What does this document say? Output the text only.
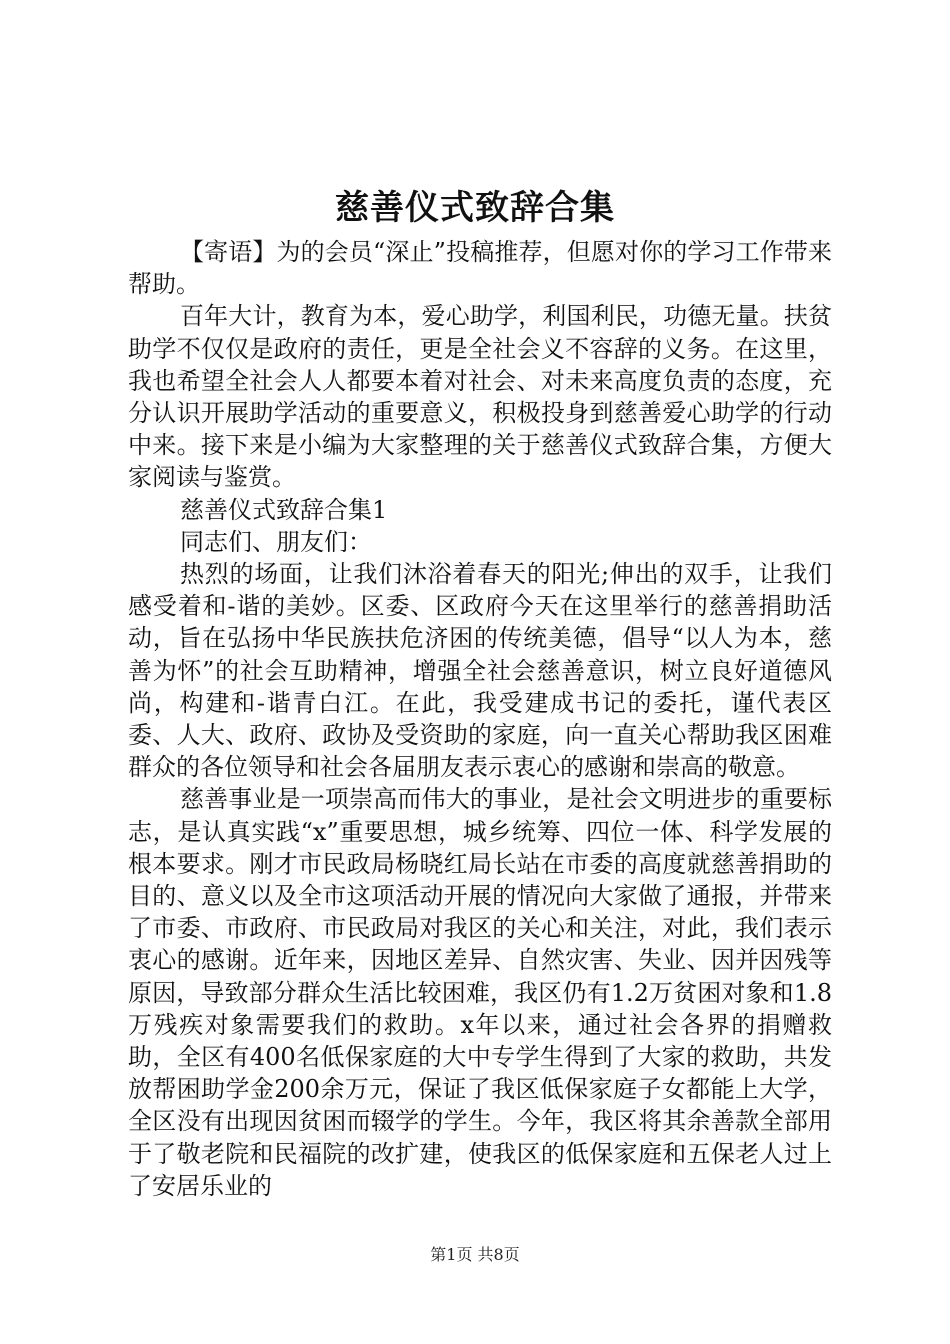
慈善仪式致辞合集

【寄语】为的会员“深止”投稿推荐，但愿对你的学习工作带来帮助。

百年大计，教育为本，爱心助学，利国利民，功德无量。扶贫助学不仅仅是政府的责任，更是全社会义不容辞的义务。在这里，我也希望全社会人人都要本着对社会、对未来高度负责的态度，充分认识开展助学活动的重要意义，积极投身到慈善爱心助学的行动中来。接下来是小编为大家整理的关于慈善仪式致辞合集，方便大家阅读与鉴赏。

慈善仪式致辞合集1

同志们、朋友们：

热烈的场面，让我们沐浴着春天的阳光;伸出的双手，让我们感受着和-谐的美妙。区委、区政府今天在这里举行的慈善捐助活动，旨在弘扬中华民族扶危济困的传统美德，倡导“以人为本，慈善为怀”的社会互助精神，增强全社会慈善意识，树立良好道德风尚，构建和-谐青白江。在此，我受建成书记的委托，谨代表区委、人大、政府、政协及受资助的家庭，向一直关心帮助我区困难群众的各位领导和社会各届朋友表示衷心的感谢和崇高的敬意。

慈善事业是一项崇高而伟大的事业，是社会文明进步的重要标志，是认真实践“x”重要思想，城乡统筹、四位一体、科学发展的根本要求。刚才市民政局杨晓红局长站在市委的高度就慈善捐助的目的、意义以及全市这项活动开展的情况向大家做了通报，并带来了市委、市政府、市民政局对我区的关心和关注，对此，我们表示衷心的感谢。近年来，因地区差异、自然灾害、失业、因并因残等原因，导致部分群众生活比较困难，我区仍有1.2万贫困对象和1.8万残疾对象需要我们的救助。x年以来，通过社会各界的捐赠救助，全区有400名低保家庭的大中专学生得到了大家的救助，共发放帮困助学金200余万元，保证了我区低保家庭子女都能上大学，全区没有出现因贫困而辍学的学生。今年，我区将其余善款全部用于了敬老院和民福院的改扩建，使我区的低保家庭和五保老人过上了安居乐业的

第1页 共8页
